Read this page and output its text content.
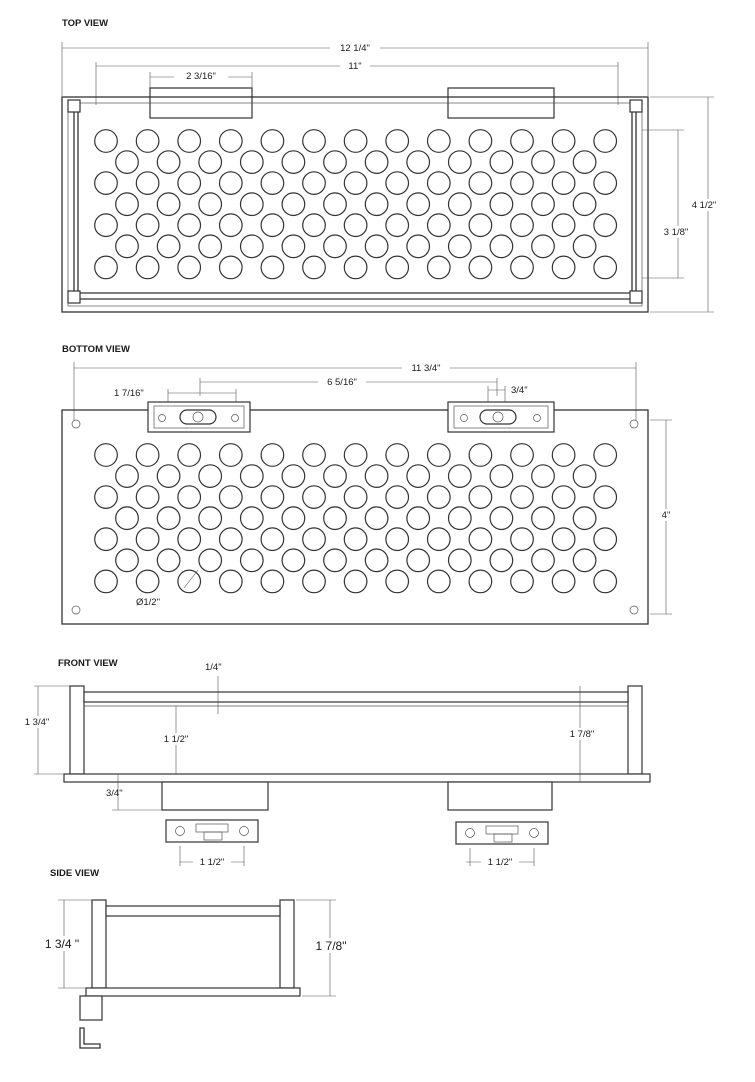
TOP VIEW
12 1/4"
11"
2 3/16"
4 1/2"
3 1/8"
BOTTOM VIEW
11 3/4"
6 5/16"
1 7/16"	3/4"
Ø1/2"
4"
FRONT VIEW	1/4"
1 3/4"
1 1/2"	1 7/8"
3/4"
1 1/2"	1 1/2"
SIDE VIEW
1 3/4 "	1 7/8"
